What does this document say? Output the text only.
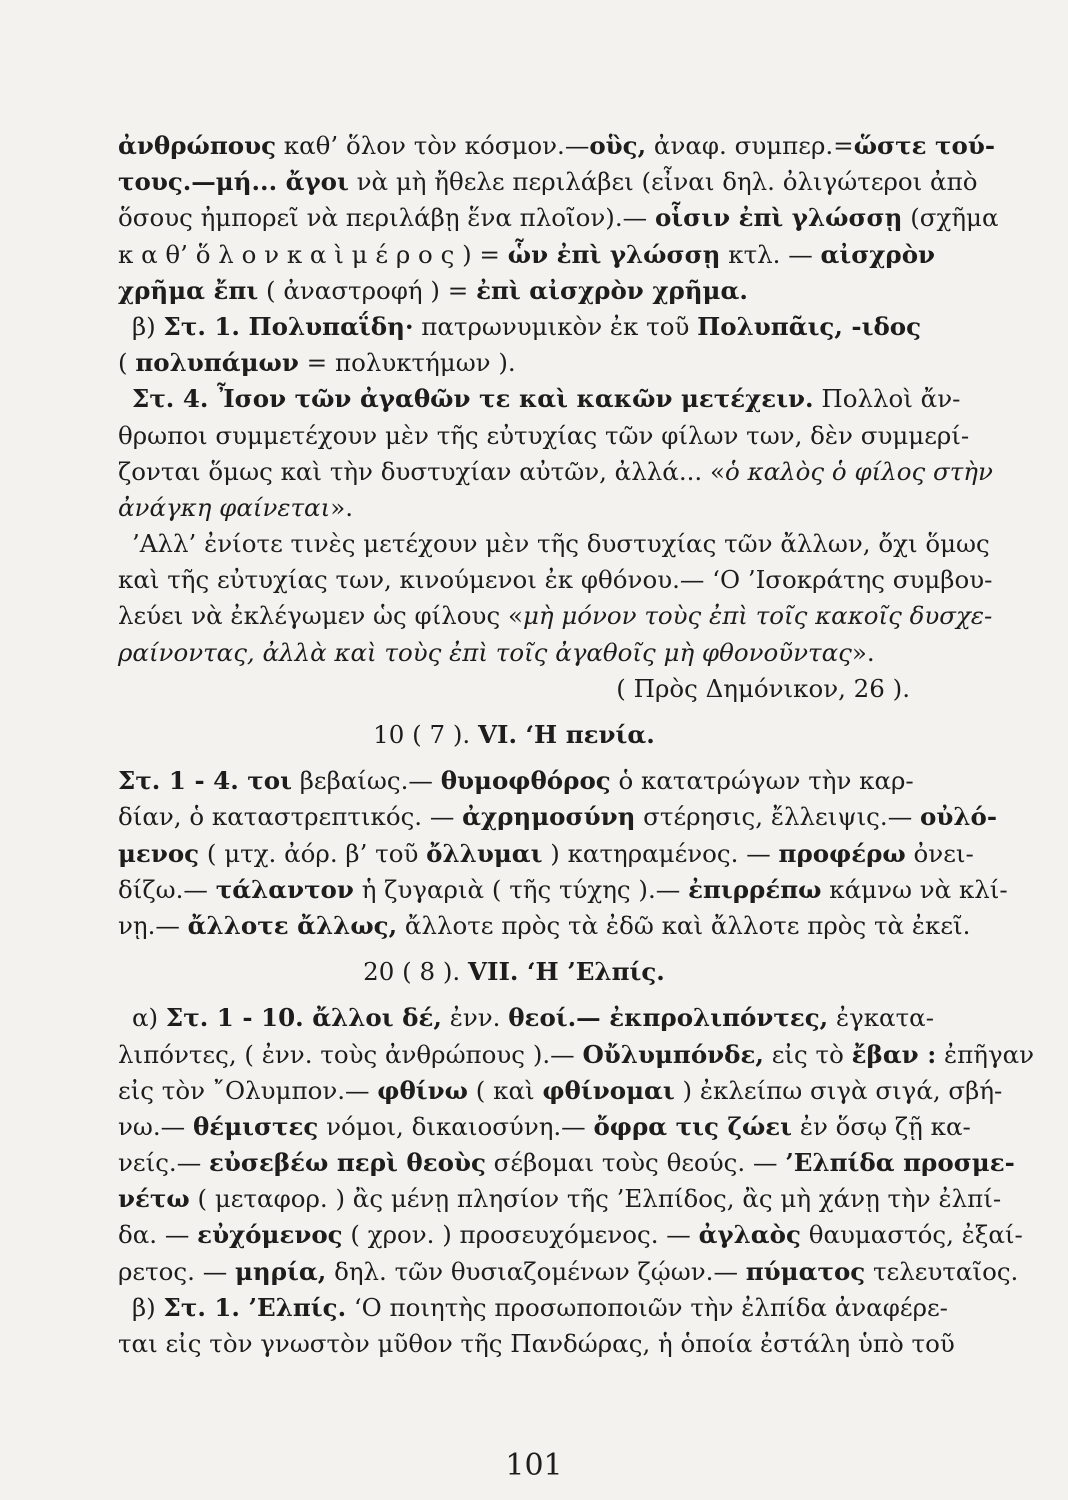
ἀνθρώπους καθ’ ὅλον τὸν κόσμον.—οὓς, ἀναφ. συμπερ.=ὥστε τού-
τους.—μή... ἄγοι νὰ μὴ ἤθελε περιλάβει (εἶναι δηλ. ὀλιγώτεροι ἀπὸ
ὅσους ἠμπορεῖ νὰ περιλάβῃ ἕνα πλοῖον).— οἷσιν ἐπὶ γλώσσῃ (σχῆμα
κ α θ’ ὅ λ ο ν κ α ὶ μ έ ρ ο ς ) = ὧν ἐπὶ γλώσσῃ κτλ. — αἰσχρὸν
χρῆμα ἔπι ( ἀναστροφή ) = ἐπὶ αἰσχρὸν χρῆμα.
β) Στ. 1. Πολυπαΐδη· πατρωνυμικὸν ἐκ τοῦ Πολυπᾶις, -ιδος
( πολυπάμων = πολυκτήμων ).
Στ. 4. Ἶσον τῶν ἀγαθῶν τε καὶ κακῶν μετέχειν. Πολλοὶ ἄν-
θρωποι συμμετέχουν μὲν τῆς εὐτυχίας τῶν φίλων των, δὲν συμμερί-
ζονται ὅμως καὶ τὴν δυστυχίαν αὐτῶν, ἀλλά... «ὁ καλὸς ὁ φίλος στὴν
ἀνάγκη φαίνεται».
’Αλλ’ ἐνίοτε τινὲς μετέχουν μὲν τῆς δυστυχίας τῶν ἄλλων, ὄχι ὅμως
καὶ τῆς εὐτυχίας των, κινούμενοι ἐκ φθόνου.— ‘Ο ’Ισοκράτης συμβου-
λεύει νὰ ἐκλέγωμεν ὡς φίλους «μὴ μόνον τοὺς ἐπὶ τοῖς κακοῖς δυσχε-
ραίνοντας, ἀλλὰ καὶ τοὺς ἐπὶ τοῖς ἀγαθοῖς μὴ φθονοῦντας».
( Πρὸς Δημόνικον, 26 ).
10 ( 7 ). VI. ‘Η πενία.
Στ. 1 - 4. τοι βεβαίως.— θυμοφθόρος ὁ κατατρώγων τὴν καρ-
δίαν, ὁ καταστρεπτικός. — ἀχρημοσύνη στέρησις, ἔλλειψις.— οὐλό-
μενος ( μτχ. ἀόρ. β’ τοῦ ὄλλυμαι ) κατηραμένος. — προφέρω ὀνει-
δίζω.— τάλαντον ἡ ζυγαριὰ ( τῆς τύχης ).— ἐπιρρέπω κάμνω νὰ κλί-
νῃ.— ἄλλοτε ἄλλως, ἄλλοτε πρὸς τὰ ἐδῶ καὶ ἄλλοτε πρὸς τὰ ἐκεῖ.
20 ( 8 ). VII. ‘Η ’Ελπίς.
α) Στ. 1 - 10. ἄλλοι δέ, ἐνν. θεοί.— ἐκπρολιπόντες, ἐγκατα-
λιπόντες, ( ἐνν. τοὺς ἀνθρώπους ).— Οὔλυμπόνδε, εἰς τὸ ἔβαν : ἐπῆγαν
εἰς τὸν ῎Ολυμπον.— φθίνω ( καὶ φθίνομαι ) ἐκλείπω σιγὰ σιγά, σβή-
νω.— θέμιστες νόμοι, δικαιοσύνη.— ὄφρα τις ζώει ἐν ὅσῳ ζῇ κα-
νείς.— εὐσεβέω περὶ θεοὺς σέβομαι τοὺς θεούς. — ’Ελπίδα προσμε-
νέτω ( μεταφορ. ) ἂς μένῃ πλησίον τῆς ’Ελπίδος, ἂς μὴ χάνῃ τὴν ἐλπί-
δα. — εὐχόμενος ( χρον. ) προσευχόμενος. — ἀγλαὸς θαυμαστός, ἐξαί-
ρετος. — μηρία, δηλ. τῶν θυσιαζομένων ζῴων.— πύματος τελευταῖος.
β) Στ. 1. ’Ελπίς. ‘Ο ποιητὴς προσωποποιῶν τὴν ἐλπίδα ἀναφέρε-
ται εἰς τὸν γνωστὸν μῦθον τῆς Πανδώρας, ἡ ὁποία ἐστάλη ὑπὸ τοῦ
101
